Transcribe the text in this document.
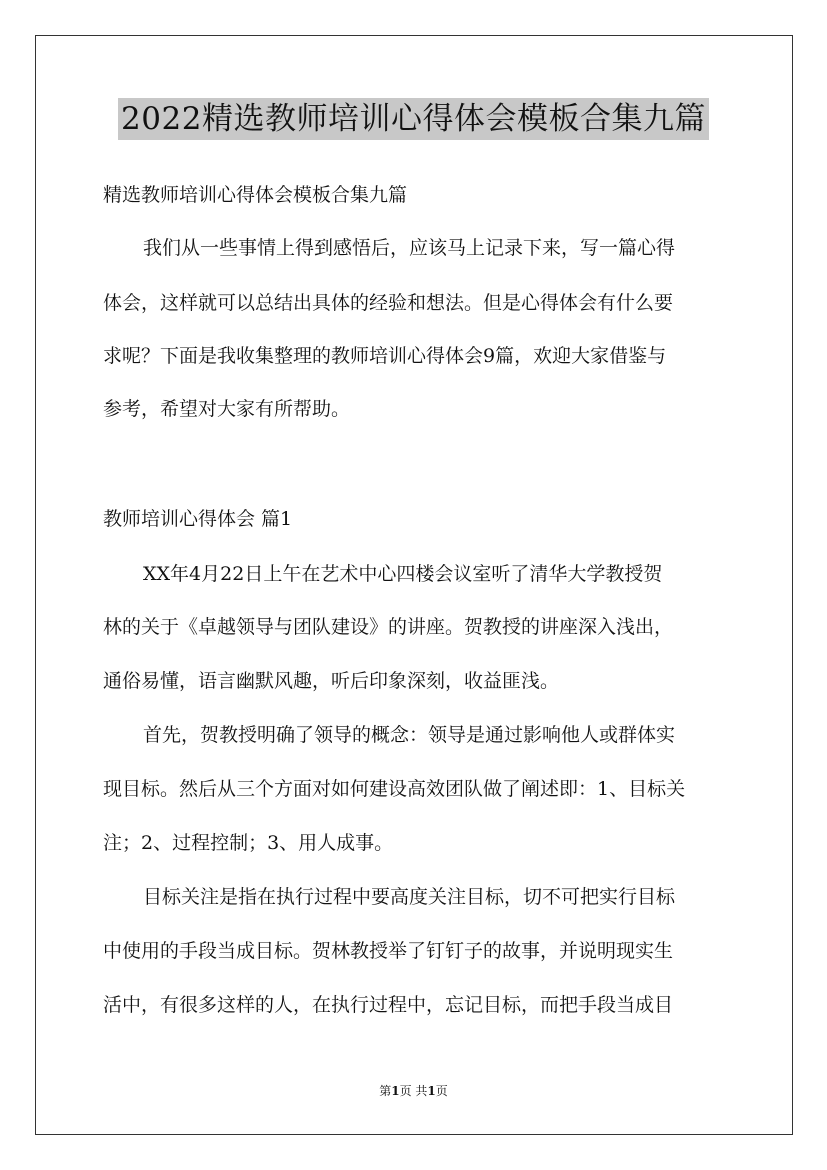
2022精选教师培训心得体会模板合集九篇
精选教师培训心得体会模板合集九篇
我们从一些事情上得到感悟后，应该马上记录下来，写一篇心得
体会，这样就可以总结出具体的经验和想法。但是心得体会有什么要
求呢？下面是我收集整理的教师培训心得体会9篇，欢迎大家借鉴与
参考，希望对大家有所帮助。
教师培训心得体会 篇1
XX年4月22日上午在艺术中心四楼会议室听了清华大学教授贺
林的关于《卓越领导与团队建设》的讲座。贺教授的讲座深入浅出，
通俗易懂，语言幽默风趣，听后印象深刻，收益匪浅。
首先，贺教授明确了领导的概念：领导是通过影响他人或群体实
现目标。然后从三个方面对如何建设高效团队做了阐述即：1、目标关
注；2、过程控制；3、用人成事。
目标关注是指在执行过程中要高度关注目标，切不可把实行目标
中使用的手段当成目标。贺林教授举了钉钉子的故事，并说明现实生
活中，有很多这样的人，在执行过程中，忘记目标，而把手段当成目
第1页 共1页
